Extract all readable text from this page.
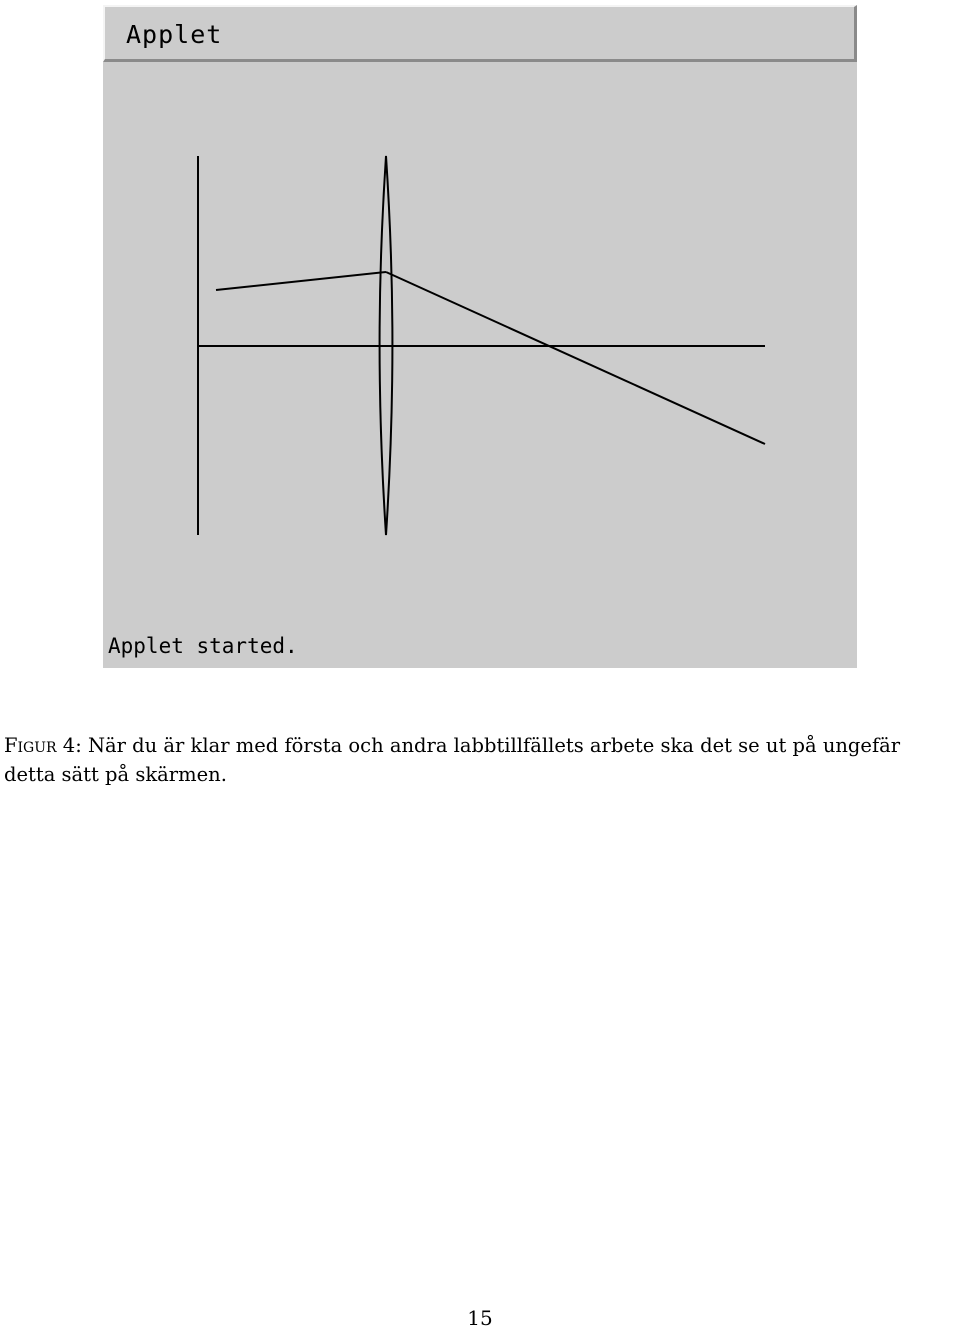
Applet
Applet started.
Figur 4: När du är klar med första och andra labbtillfällets arbete ska det se ut på ungefär detta sätt på skärmen.
15
